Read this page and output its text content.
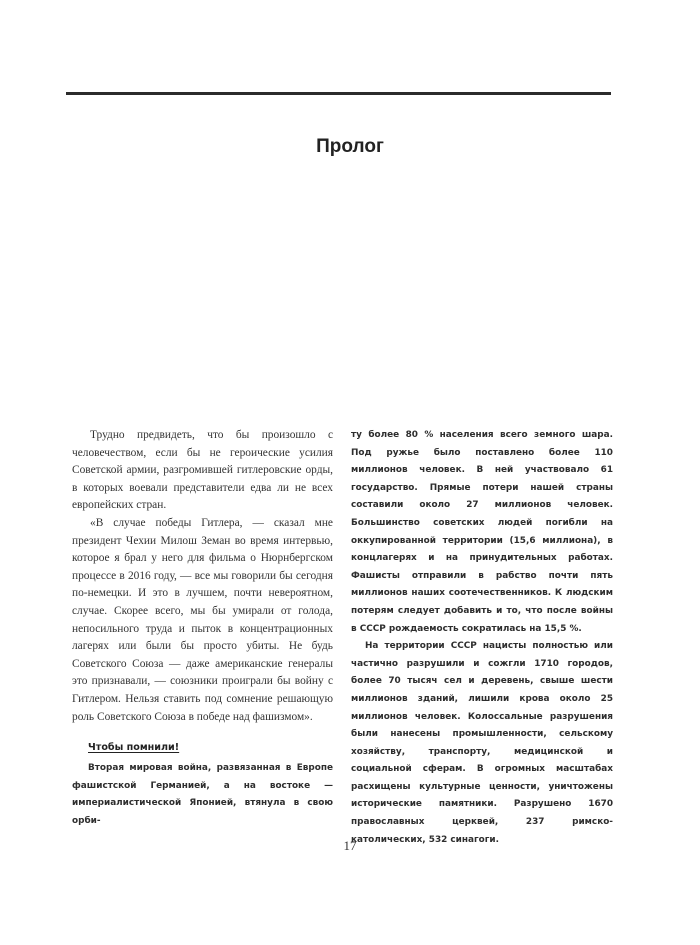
Пролог

Трудно предвидеть, что бы произошло с человечеством, если бы не героические усилия Советской армии, разгромившей гитлеровские орды, в которых воевали представители едва ли не всех европейских стран.

«В случае победы Гитлера, — сказал мне президент Чехии Милош Земан во время интервью, которое я брал у него для фильма о Нюрнбергском процессе в 2016 году, — все мы говорили бы сегодня по-немецки. И это в лучшем, почти невероятном, случае. Скорее всего, мы бы умирали от голода, непосильного труда и пыток в концентрационных лагерях или были бы просто убиты. Не будь Советского Союза — даже американские генералы это признавали, — союзники проиграли бы войну с Гитлером. Нельзя ставить под сомнение решающую роль Советского Союза в победе над фашизмом».

Чтобы помнили!

Вторая мировая война, развязанная в Европе фашистской Германией, а на востоке — империалистической Японией, втянула в свою орби-

ту более 80 % населения всего земного шара. Под ружье было поставлено более 110 миллионов человек. В ней участвовало 61 государство. Прямые потери нашей страны составили около 27 миллионов человек. Большинство советских людей погибли на оккупированной территории (15,6 миллиона), в концлагерях и на принудительных работах. Фашисты отправили в рабство почти пять миллионов наших соотечественников. К людским потерям следует добавить и то, что после войны в СССР рождаемость сократилась на 15,5 %.

На территории СССР нацисты полностью или частично разрушили и сожгли 1710 городов, более 70 тысяч сел и деревень, свыше шести миллионов зданий, лишили крова около 25 миллионов человек. Колоссальные разрушения были нанесены промышленности, сельскому хозяйству, транспорту, медицинской и социальной сферам. В огромных масштабах расхищены культурные ценности, уничтожены исторические памятники. Разрушено 1670 православных церквей, 237 римско-католических, 532 синагоги.

17
